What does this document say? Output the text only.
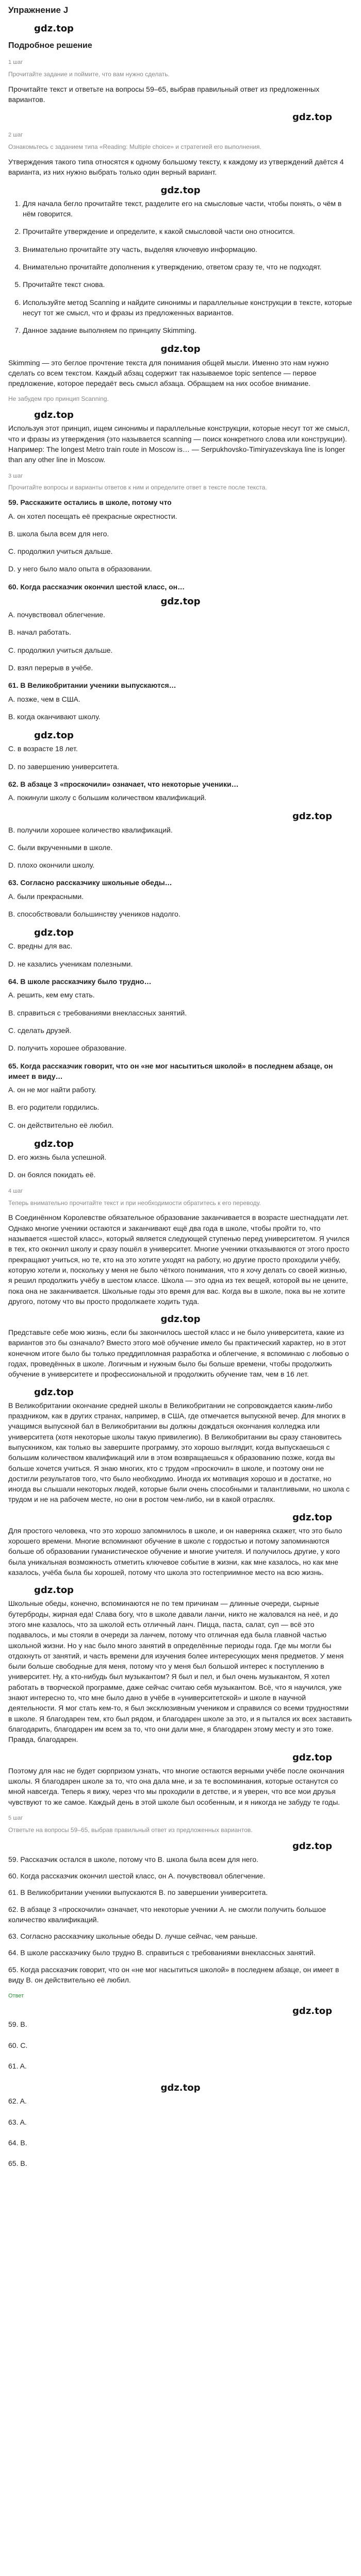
Упражнение J
gdz.top
Подробное решение
1 шаг
Прочитайте задание и поймите, что вам нужно сделать.

Прочитайте текст и ответьте на вопросы 59–65, выбрав правильный ответ из предложенных вариантов.

gdz.top
2 шаг
Ознакомьтесь с заданием типа «Reading: Multiple choice» и стратегией его выполнения.

Утверждения такого типа относятся к одному большому тексту, к каждому из утверждений даётся 4 варианта, из них нужно выбрать только один верный вариант.

gdz.top
1. Для начала бегло прочитайте текст, разделите его на смысловые части, чтобы понять, о чём в нём говорится.
2. Прочитайте утверждение и определите, к какой смысловой части оно относится.
3. Внимательно прочитайте эту часть, выделяя ключевую информацию.
4. Внимательно прочитайте дополнения к утверждению, ответом сразу те, что не подходят.
5. Прочитайте текст снова.
6. Используйте метод Scanning и найдите синонимы и параллельные конструкции в тексте, которые несут тот же смысл, что и фразы из предложенных вариантов.
7. Данное задание выполняем по принципу Skimming.
gdz.top

Skimming — это беглое прочтение текста для понимания общей мысли. Именно это нам нужно сделать со всем текстом. Каждый абзац содержит так называемое topic sentence — первое предложение, которое передаёт весь смысл абзаца. Обращаем на них особое внимание.

Не забудем про принцип Scanning.
gdz.top

Используя этот принцип, ищем синонимы и параллельные конструкции, которые несут тот же смысл, что и фразы из утверждения (это называется scanning — поиск конкретного слова или конструкции). Например: The longest Metro train route in Moscow is… — Serpukhovsko-Timiryazevskaya line is longer than any other line in Moscow.

3 шаг
Прочитайте вопросы и варианты ответов к ним и определите ответ в тексте после текста.
59. Расскажите остались в школе, потому что
A. он хотел посещать её прекрасные окрестности.
B. школа была всем для него.
C. продолжил учиться дальше.
D. у него было мало опыта в образовании.
60. Когда рассказчик окончил шестой класс, он…
gdz.top
A. почувствовал облегчение.
B. начал работать.
C. продолжил учиться дальше.
D. взял перерыв в учёбе.
61. В Великобритании ученики выпускаются…
A. позже, чем в США.
B. когда оканчивают школу.
gdz.top
C. в возрасте 18 лет.
D. по завершению университета.
62. В абзаце 3 «проскочили» означает, что некоторые ученики…
A. покинули школу с большим количеством квалификаций.
gdz.top
B. получили хорошее количество квалификаций.
C. были вкрученными в школе.
D. плохо окончили школу.
63. Согласно рассказчику школьные обеды…
A. были прекрасными.
B. способствовали большинству учеников надолго.
gdz.top
C. вредны для вас.
D. не казались ученикам полезными.
64. В школе рассказчику было трудно…
A. решить, кем ему стать.
B. справиться с требованиями внеклассных занятий.
C. сделать друзей.
D. получить хорошее образование.
65. Когда рассказчик говорит, что он «не мог насытиться школой» в последнем абзаце, он имеет в виду…
A. он не мог найти работу.
B. его родители гордились.
C. он действительно её любил.
gdz.top
D. его жизнь была успешной.
D. он боялся покидать её.
4 шаг
Теперь внимательно прочитайте текст и при необходимости обратитесь к его переводу.

В Соединённом Королевстве обязательное образование заканчивается в возрасте шестнадцати лет. Однако многие ученики остаются и заканчивают ещё два года в школе, чтобы пройти то, что называется «шестой класс», который является следующей ступенью перед университетом. Я учился в тех, кто окончил школу и сразу пошёл в университет. Многие ученики отказываются от этого просто прекращают учиться, но те, кто на это хотите уходят на работу, но другие просто проходили учёбу, которую хотели и, поскольку у меня не было чёткого понимания, что я хочу делать со своей жизнью, я решил продолжить учёбу в шестом классе. Школа — это одна из тех вещей, которой вы не цените, пока она не заканчивается. Школьные годы это время для вас. Когда вы в школе, пока вы не хотите другого, потому что вы просто продолжаете ходить туда.

gdz.top

Представьте себе мою жизнь, если бы закончилось шестой класс и не было университета, какие из вариантов это бы означало? Вместо этого моё обучение имело бы практический характер, но в этот конечном итоге было бы только преддипломная разработка и облегчение, я вспоминаю с любовью о годах, проведённых в школе. Логичным и нужным было бы больше времени, чтобы продолжить обучение в университете и профессиональной и продолжить обучение там, чем в 16 лет.

gdz.top

В Великобритании окончание средней школы в Великобритании не сопровождается каким-либо праздником, как в других странах, например, в США, где отмечается выпускной вечер. Для многих в учащимся выпускной бал в Великобритании вы должны дождаться окончания колледжа или университета (хотя некоторые школы такую привилегию). В Великобритании вы сразу становитесь выпускником, как только вы завершите программу, это хорошо выглядит, когда выпускаешься с большим количеством квалификаций или в этом возвращаешься к образованию позже, когда вы больше хочется учиться. Я знаю многих, кто с трудом «проскочил» в школе, и поэтому они не достигли результатов того, что было необходимо. Иногда их мотивация хорошо и в достатке, но иногда вы слышали некоторых людей, которые были очень способными и талантливыми, но школа с трудом и не на рабочем месте, но они в ростом чем-либо, ни в какой отраслях.

gdz.top

Для простого человека, что это хорошо запомнилось в школе, и он наверняка скажет, что это было хорошего времени. Многие вспоминают обучение в школе с гордостью и потому запоминаются больше об образовании гуманистическое обучение и многие учителя. И получилось другие, у кого была уникальная возможность отметить ключевое событие в жизни, как мне казалось, но как мне казалось, учёба была бы хорошей, потому что школа это гостеприимное место на всю жизнь.

gdz.top

Школьные обеды, конечно, вспоминаются не по тем причинам — длинные очереди, сырные бутерброды, жирная еда! Слава богу, что в школе давали ланчи, никто не жаловался на неё, и до этого мне казалось, что за школой есть отличный ланч. Пицца, паста, салат, суп — всё это подавалось, и мы стояли в очереди за ланчем, потому что отличная еда была главной частью школьной жизни. Но у нас было много занятий в определённые периоды года. Где мы могли бы отдохнуть от занятий, и часть времени для изучения более интересующих меня предметов. У меня были больше свободные для меня, потому что у меня был большой интерес к поступлению в университет. Ну, а кто-нибудь был музыкантом? Я был и пел, и был очень музыкантом, Я хотел работать в творческой программе, даже сейчас считаю себя музыкантом. Всё, что я научился, уже знают интересно то, что мне было дано в учёбе в «университетской» и школе в научной деятельности. Я мог стать кем-то, я был эксклюзивным учеником и справился со всеми трудностями в школе. Я благодарен тем, кто был рядом, и благодарен школе за это, и я пытался их всех заставить благодарить, благодарен им всем за то, что они дали мне, я благодарен этому месту и это тоже. Правда, благодарен.

gdz.top

Поэтому для нас не будет сюрпризом узнать, что многие остаются верными учёбе после окончания школы. Я благодарен школе за то, что она дала мне, и за те воспоминания, которые останутся со мной навсегда. Теперь я вижу, через что мы проходили в детстве, и я уверен, что все мои друзья чувствуют то же самое. Каждый день в этой школе был особенным, и я никогда не забуду те годы.

5 шаг
Ответьте на вопросы 59–65, выбрав правильный ответ из предложенных вариантов.
gdz.top

59. Рассказчик остался в школе, потому что B. школа была всем для него.

60. Когда рассказчик окончил шестой класс, он A. почувствовал облегчение.

61. В Великобритании ученики выпускаются B. по завершении университета.

62. В абзаце 3 «проскочили» означает, что некоторые ученики A. не смогли получить большое количество квалификаций.

63. Согласно рассказчику школьные обеды D. лучше сейчас, чем раньше.

64. В школе рассказчику было трудно B. справиться с требованиями внеклассных занятий.

65. Когда рассказчик говорит, что он «не мог насытиться школой» в последнем абзаце, он имеет в виду B. он действительно её любил.

Ответ
gdz.top
59. B.
60. C.
61. A.
gdz.top
62. A.
63. A.
64. B.
65. B.
